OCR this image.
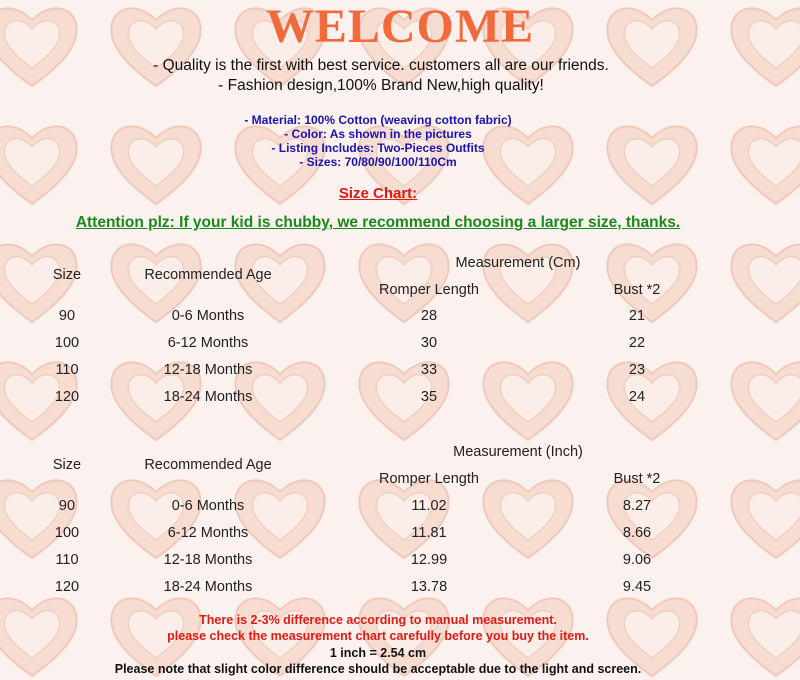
WELCOME
- Quality is the first with best service. customers all are our friends.
- Fashion design,100% Brand New,high quality!
- Material: 100% Cotton (weaving cotton fabric)
- Color: As shown in the pictures
- Listing Includes: Two-Pieces Outfits
- Sizes: 70/80/90/100/110Cm
Size Chart:
Attention plz: If your kid is chubby, we recommend choosing a larger size, thanks.
Size	Recommended Age
Measurement (Cm)
Romper Length	Bust *2
90	0-6 Months	28	21
100	6-12 Months	30	22
110	12-18 Months	33	23
120	18-24 Months	35	24
Size	Recommended Age
Measurement (Inch)
Romper Length	Bust *2
90	0-6 Months	11.02	8.27
100	6-12 Months	11.81	8.66
110	12-18 Months	12.99	9.06
120	18-24 Months	13.78	9.45
There is 2-3% difference according to manual measurement.
please check the measurement chart carefully before you buy the item.
1 inch = 2.54 cm
Please note that slight color difference should be acceptable due to the light and screen.
